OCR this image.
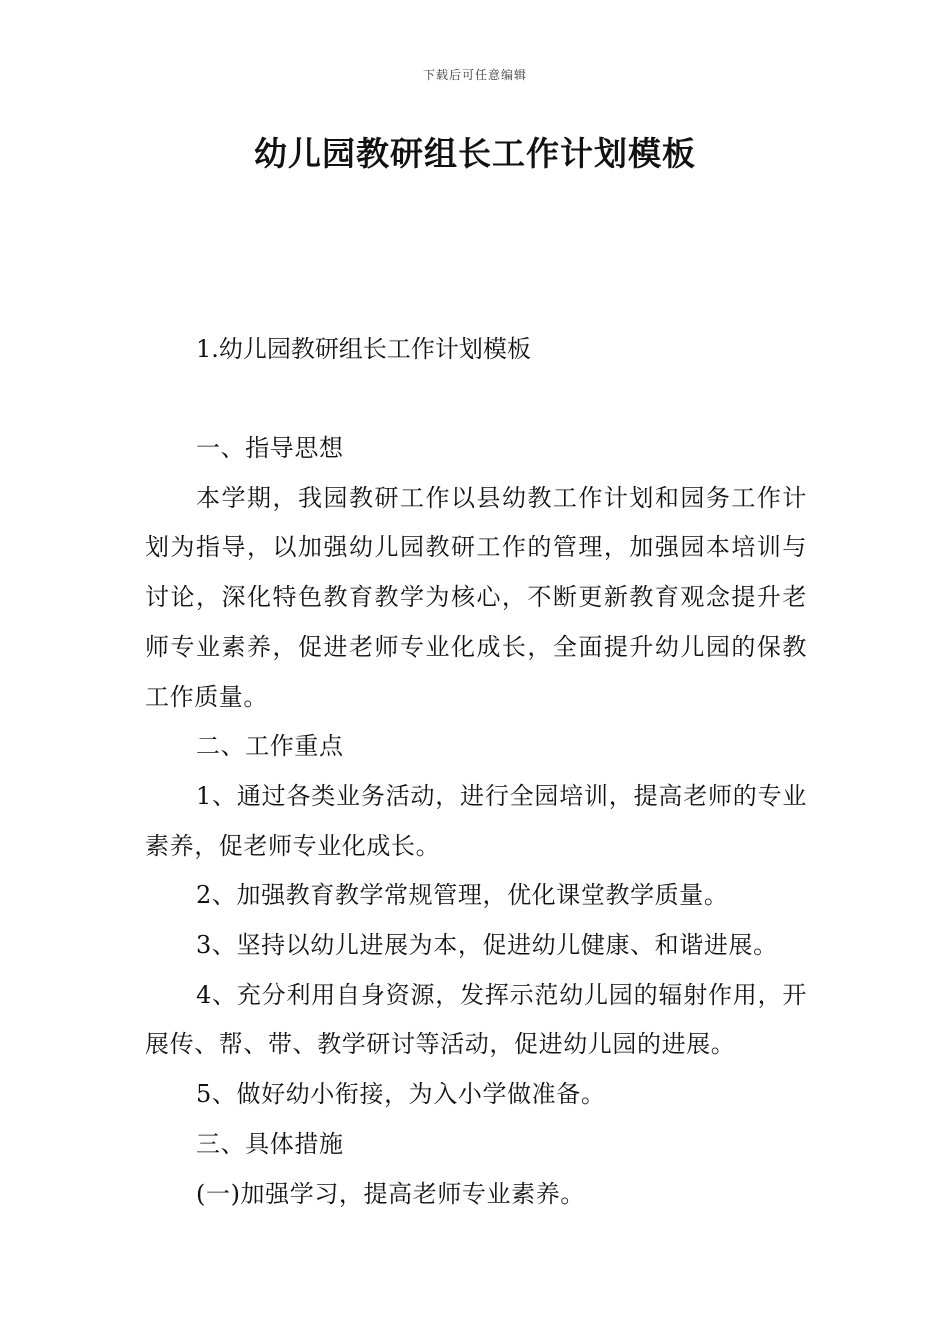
下载后可任意编辑
幼儿园教研组长工作计划模板
1.幼儿园教研组长工作计划模板

一、指导思想

本学期，我园教研工作以县幼教工作计划和园务工作计划为指导，以加强幼儿园教研工作的管理，加强园本培训与讨论，深化特色教育教学为核心，不断更新教育观念提升老师专业素养，促进老师专业化成长，全面提升幼儿园的保教工作质量。

二、工作重点

1、通过各类业务活动，进行全园培训，提高老师的专业素养，促老师专业化成长。

2、加强教育教学常规管理，优化课堂教学质量。

3、坚持以幼儿进展为本，促进幼儿健康、和谐进展。

4、充分利用自身资源，发挥示范幼儿园的辐射作用，开展传、帮、带、教学研讨等活动，促进幼儿园的进展。

5、做好幼小衔接，为入小学做准备。

三、具体措施

(一)加强学习，提高老师专业素养。
